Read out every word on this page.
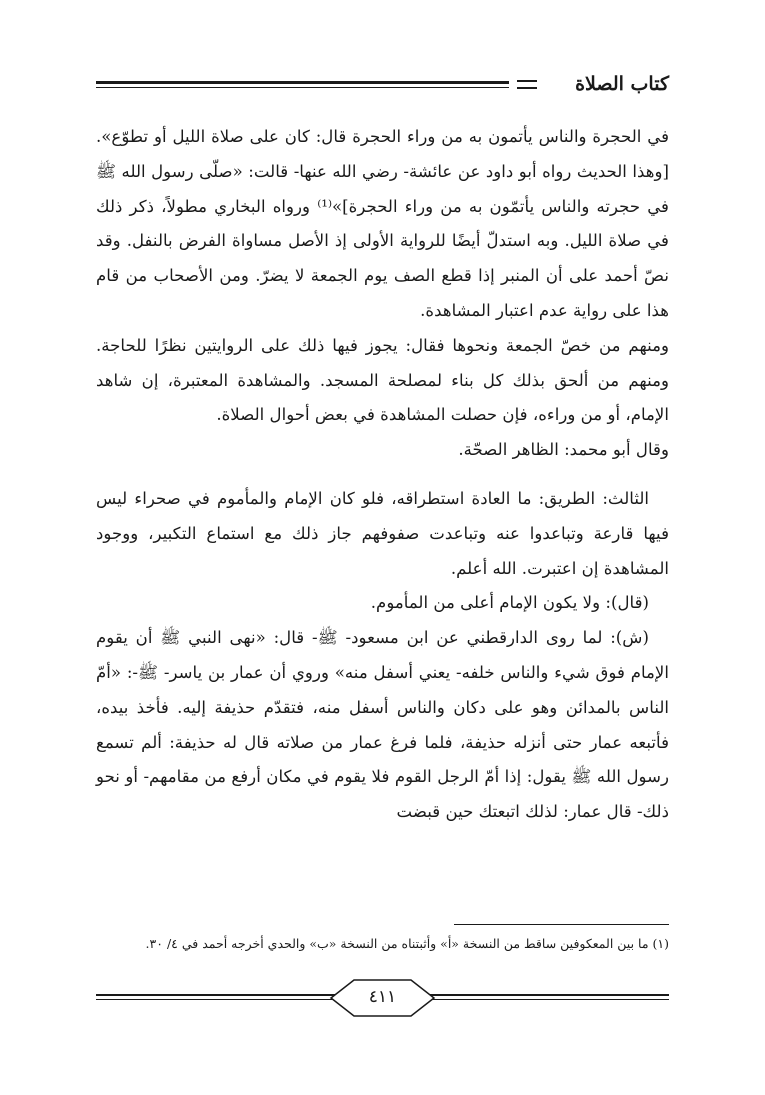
كتاب الصلاة

في الحجرة والناس يأتمون به من وراء الحجرة قال: كان على صلاة الليل أو تطوّع». [وهذا الحديث رواه أبو داود عن عائشة- رضي الله عنها- قالت: «صلّى رسول الله ﷺ في حجرته والناس يأتمّون به من وراء الحجرة]»⁽¹⁾ ورواه البخاري مطولاً، ذكر ذلك في صلاة الليل. وبه استدلّ أيضًا للرواية الأولى إذ الأصل مساواة الفرض بالنفل. وقد نصّ أحمد على أن المنبر إذا قطع الصف يوم الجمعة لا يضرّ. ومن الأصحاب من قام هذا على رواية عدم اعتبار المشاهدة.

ومنهم من خصّ الجمعة ونحوها فقال: يجوز فيها ذلك على الروايتين نظرًا للحاجة. ومنهم من ألحق بذلك كل بناء لمصلحة المسجد. والمشاهدة المعتبرة، إن شاهد الإمام، أو من وراءه، فإن حصلت المشاهدة في بعض أحوال الصلاة.

وقال أبو محمد: الظاهر الصحّة.

الثالث: الطريق: ما العادة استطراقه، فلو كان الإمام والمأموم في صحراء ليس فيها قارعة وتباعدوا عنه وتباعدت صفوفهم جاز ذلك مع استماع التكبير، ووجود المشاهدة إن اعتبرت. الله أعلم.

(قال): ولا يكون الإمام أعلى من المأموم.

(ش): لما روى الدارقطني عن ابن مسعود- ﷺ- قال: «نهى النبي ﷺ أن يقوم الإمام فوق شيء والناس خلفه- يعني أسفل منه» وروي أن عمار بن ياسر- ﷺ-: «أمّ الناس بالمدائن وهو على دكان والناس أسفل منه، فتقدّم حذيفة إليه. فأخذ بيده، فأتبعه عمار حتى أنزله حذيفة، فلما فرغ عمار من صلاته قال له حذيفة: ألم تسمع رسول الله ﷺ يقول: إذا أمّ الرجل القوم فلا يقوم في مكان أرفع من مقامهم- أو نحو ذلك- قال عمار: لذلك اتبعتك حين قبضت

(١) ما بين المعكوفين ساقط من النسخة «أ» وأثبتناه من النسخة «ب» والحدي أخرجه أحمد في ٤/ ٣٠.
٤١١
